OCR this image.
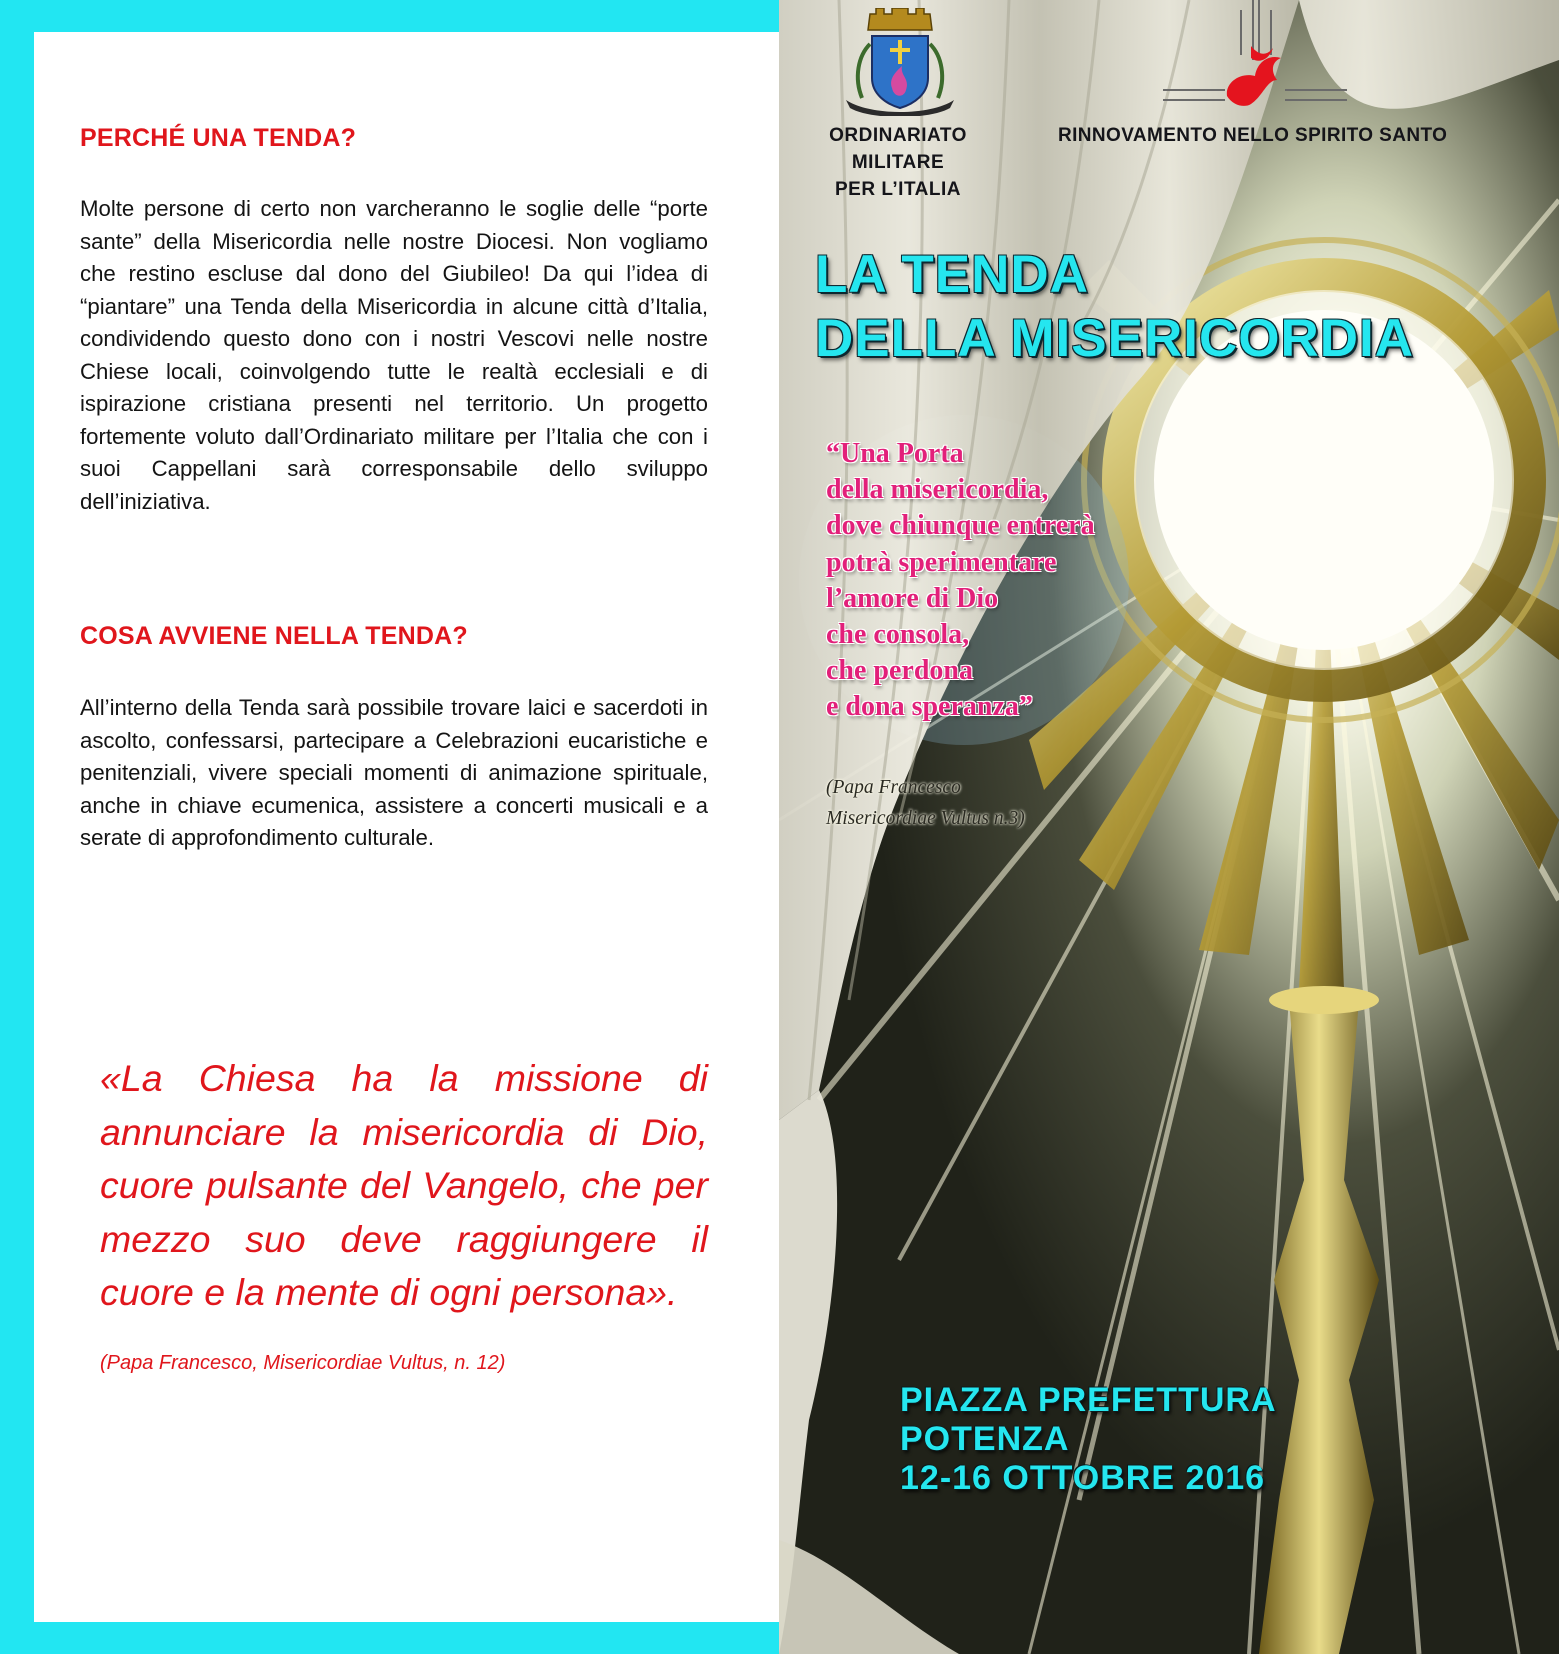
PERCHÉ UNA TENDA?

Molte persone di certo non varcheranno le soglie delle “porte sante” della Misericordia nelle nostre Diocesi. Non vogliamo che restino escluse dal dono del Giubileo! Da qui l’idea di “piantare” una Tenda della Misericordia in alcune città d’Italia, condividendo questo dono con i nostri Vescovi nelle nostre Chiese locali, coinvolgendo tutte le realtà ecclesiali e di ispirazione cristiana presenti nel territorio. Un progetto fortemente voluto dall’Ordinariato militare per l’Italia che con i suoi Cappellani sarà corresponsabile dello sviluppo dell’iniziativa.

COSA AVVIENE NELLA TENDA?

All’interno della Tenda sarà possibile trovare laici e sacerdoti in ascolto, confessarsi, partecipare a Celebrazioni eucaristiche e penitenziali, vivere speciali momenti di animazione spirituale, anche in chiave ecumenica, assistere a concerti musicali e a serate di approfondimento culturale.

«La Chiesa ha la missione di annunciare la misericordia di Dio, cuore pulsante del Vangelo, che per mezzo suo deve raggiungere il cuore e la mente di ogni persona».

(Papa Francesco, Misericordiae Vultus, n. 12)

ORDINARIATO
MILITARE
PER L’ITALIA

RINNOVAMENTO NELLO SPIRITO SANTO

LA TENDA
DELLA MISERICORDIA

“Una Porta
della misericordia,
dove chiunque entrerà
potrà sperimentare
l’amore di Dio
che consola,
che perdona
e dona speranza”

(Papa Francesco
Misericordiae Vultus n.3)

PIAZZA PREFETTURA
POTENZA
12-16 OTTOBRE 2016
